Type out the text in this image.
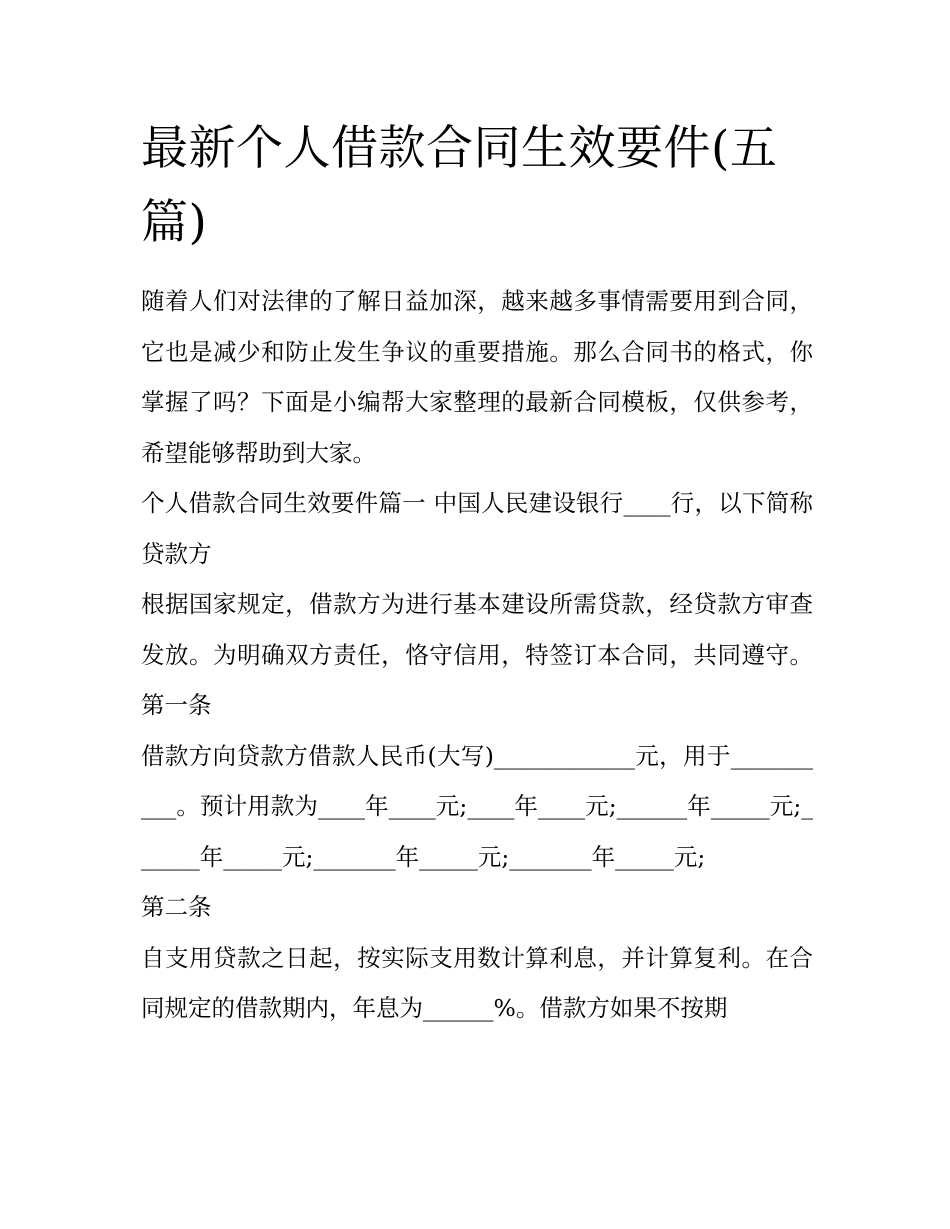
最新个人借款合同生效要件(五篇)

随着人们对法律的了解日益加深，越来越多事情需要用到合同，它也是减少和防止发生争议的重要措施。那么合同书的格式，你掌握了吗？下面是小编帮大家整理的最新合同模板，仅供参考，希望能够帮助到大家。

个人借款合同生效要件篇一 中国人民建设银行____行，以下简称贷款方

根据国家规定，借款方为进行基本建设所需贷款，经贷款方审查发放。为明确双方责任，恪守信用，特签订本合同，共同遵守。 第一条

借款方向贷款方借款人民币(大写)____________元，用于__________。预计用款为____年____元;____年____元;______年_____元;______年_____元;_______年_____元;_______年_____元;

第二条

自支用贷款之日起，按实际支用数计算利息，并计算复利。在合同规定的借款期内，年息为______%。借款方如果不按期
